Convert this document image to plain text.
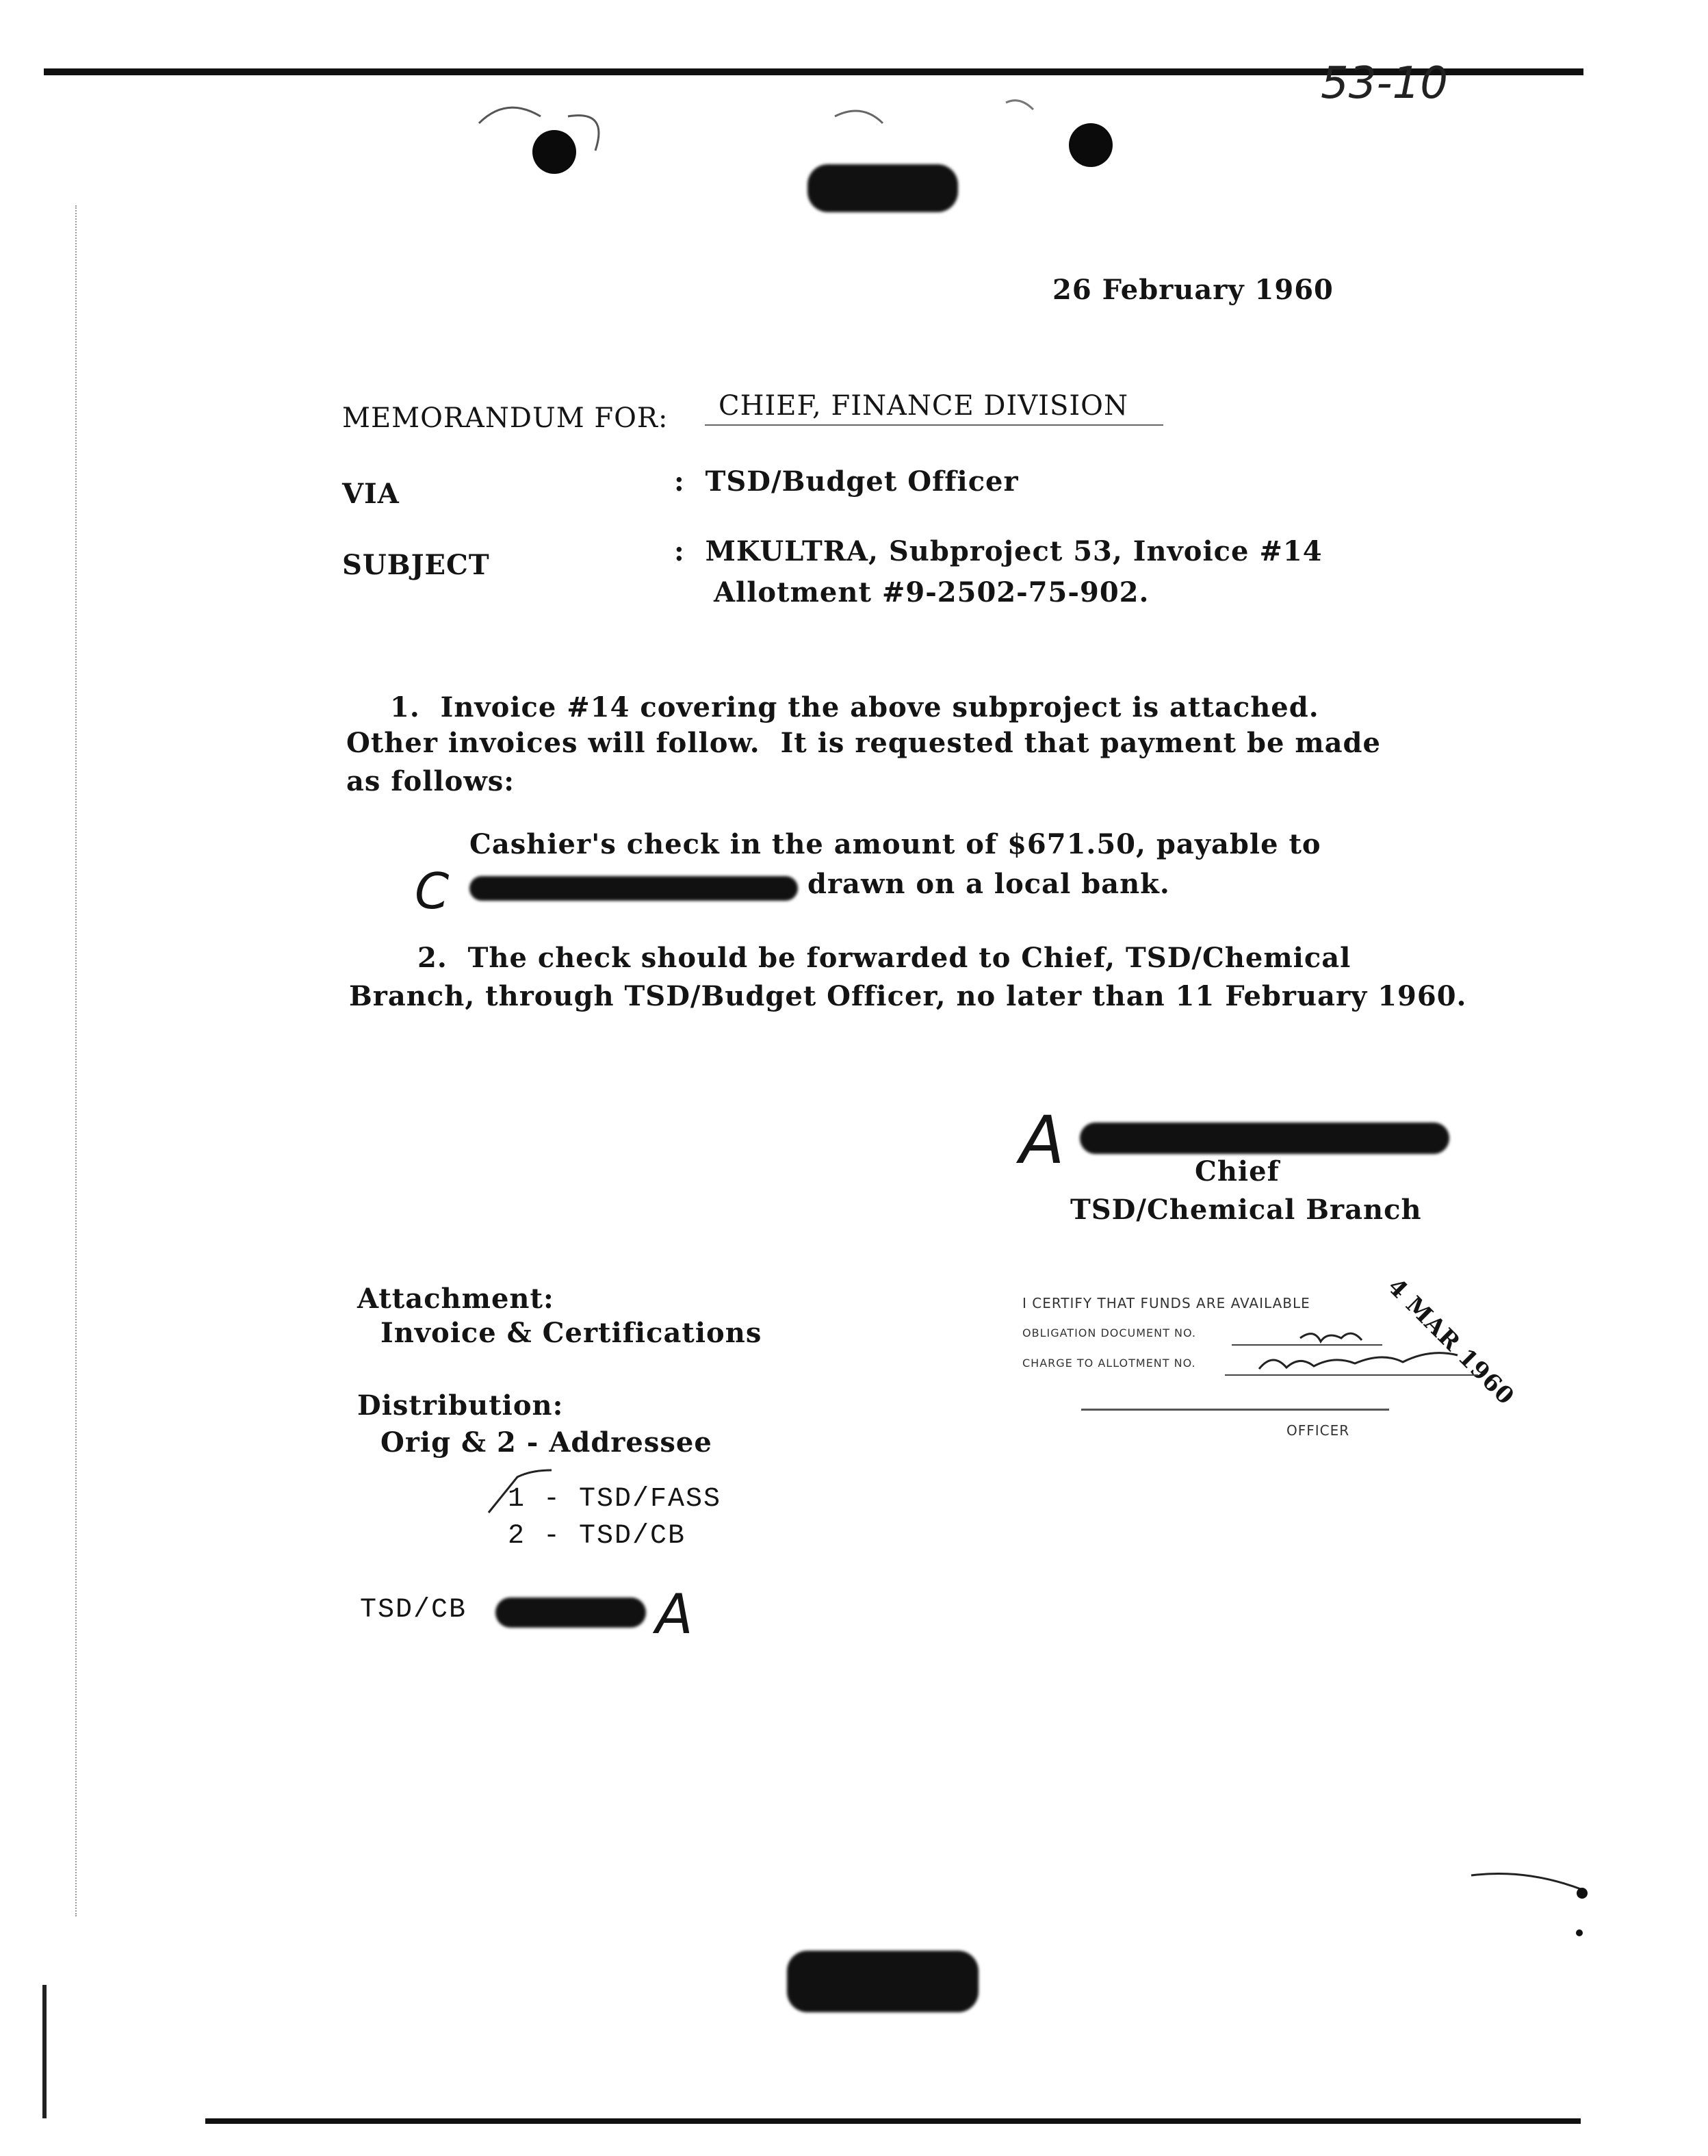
53-10
26 February 1960
MEMORANDUM FOR: CHIEF, FINANCE DIVISION
VIA	:  TSD/Budget Officer
SUBJECT	:  MKULTRA, Subproject 53, Invoice #14
Allotment #9-2502-75-902.
1.  Invoice #14 covering the above subproject is attached.
Other invoices will follow.  It is requested that payment be made
as follows:
Cashier's check in the amount of $671.50, payable to
C	drawn on a local bank.
2.  The check should be forwarded to Chief, TSD/Chemical
Branch, through TSD/Budget Officer, no later than 11 February 1960.
A	Chief
TSD/Chemical Branch
Attachment:
Invoice & Certifications	4 MAR 1960
I CERTIFY THAT FUNDS ARE AVAILABLE
OBLIGATION DOCUMENT NO.
CHARGE TO ALLOTMENT NO.
OFFICER
Distribution:
Orig & 2 - Addressee
1 - TSD/FASS
2 - TSD/CB
TSD/CB	A
